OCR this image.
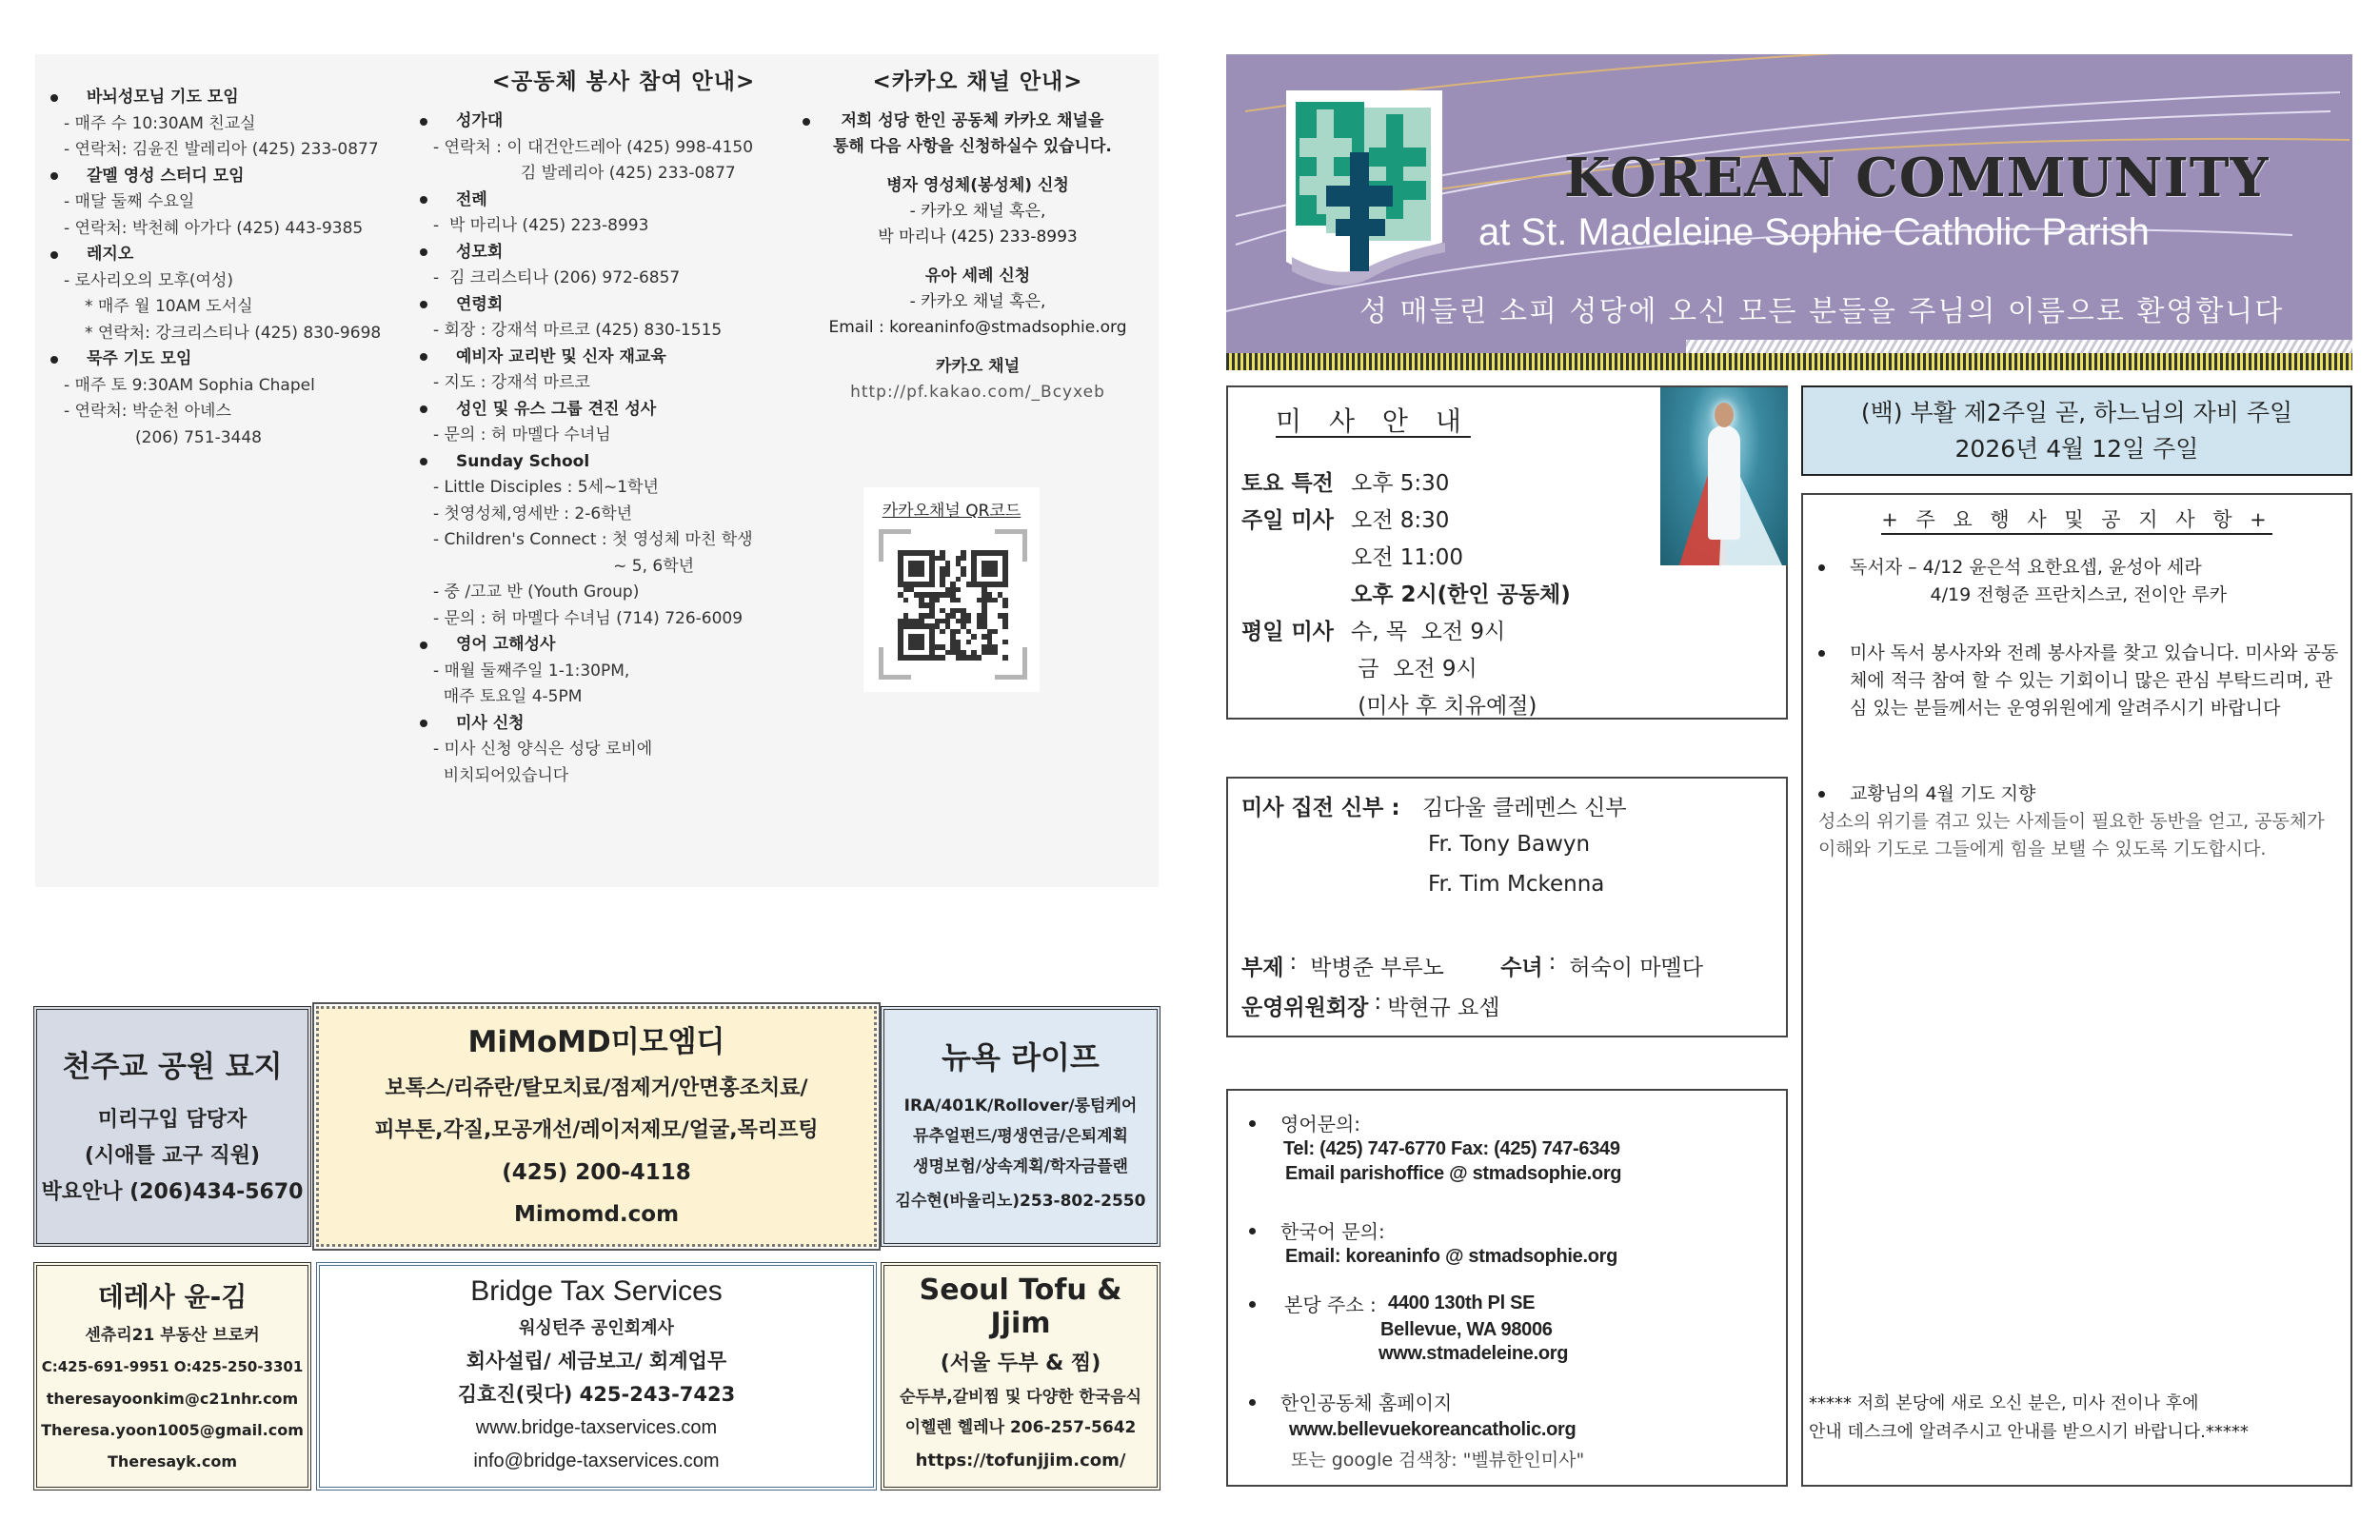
바뇌성모님 기도 모임
- 매주 수 10:30AM 친교실
- 연락처: 김윤진 발레리아 (425) 233-0877
갈멜 영성 스터디 모임
- 매달 둘째 수요일
- 연락처: 박천혜 아가다 (425) 443-9385
레지오
- 로사리오의 모후(여성)
* 매주 월 10AM 도서실
* 연락처: 강크리스티나 (425) 830-9698
묵주 기도 모임
- 매주 토 9:30AM Sophia Chapel
- 연락처: 박순천 아녜스
(206) 751-3448
<공동체 봉사 참여 안내>
성가대
- 연락처 : 이 대건안드레아 (425) 998-4150
김 발레리아 (425) 233-0877
전례
-  박 마리나 (425) 223-8993
성모회
-  김 크리스티나 (206) 972-6857
연령회
- 회장 : 강재석 마르코 (425) 830-1515
예비자 교리반 및 신자 재교육
- 지도 : 강재석 마르코
성인 및 유스 그룹 견진 성사
- 문의 : 허 마멜다 수녀님
Sunday School
- Little Disciples : 5세~1학년
- 첫영성체,영세반 : 2-6학년
- Children's Connect : 첫 영성체 마친 학생
~ 5, 6학년
- 중 /고교 반 (Youth Group)
- 문의 : 허 마멜다 수녀님 (714) 726-6009
영어 고해성사
- 매월 둘째주일 1-1:30PM,
매주 토요일 4-5PM
미사 신청
- 미사 신청 양식은 성당 로비에
비치되어있습니다
<카카오 채널 안내>
저희 성당 한인 공동체 카카오 채널을
통해 다음 사항을 신청하실수 있습니다.
병자 영성체(봉성체) 신청
- 카카오 채널 혹은,
박 마리나 (425) 233-8993
유아 세례 신청
- 카카오 채널 혹은,
Email : koreaninfo@stmadsophie.org
카카오 채널
http://pf.kakao.com/_Bcyxeb
카카오채널 QR코드
천주교 공원 묘지
미리구입 담당자
(시애틀 교구 직원)
박요안나 (206)434-5670
MiMoMD미모엠디
보톡스/리쥬란/탈모치료/점제거/안면홍조치료/
피부톤,각질,모공개선/레이저제모/얼굴,목리프팅
(425) 200-4118
Mimomd.com
뉴욕 라이프
IRA/401K/Rollover/롱텀케어
뮤추얼펀드/평생연금/은퇴계획
생명보험/상속계획/학자금플랜
김수현(바울리노)253-802-2550
데레사 윤-김
센츄리21 부동산 브로커
C:425-691-9951 O:425-250-3301
theresayoonkim@c21nhr.com
Theresa.yoon1005@gmail.com
Theresayk.com
Bridge Tax Services
워싱턴주 공인회계사
회사설립/ 세금보고/ 회계업무
김효진(릿다) 425-243-7423
www.bridge-taxservices.com
info@bridge-taxservices.com
Seoul Tofu & Jjim
(서울 두부 & 찜)
순두부,갈비찜 및 다양한 한국음식
이헬렌 헬레나 206-257-5642
https://tofunjjim.com/
KOREAN COMMUNITY
at St. Madeleine Sophie Catholic Parish
성 매들린 소피 성당에 오신 모든 분들을 주님의 이름으로 환영합니다
미 사 안 내
토요 특전 오후 5:30
주일 미사 오전 8:30
오전 11:00
오후 2시(한인 공동체)
평일 미사 수, 목  오전 9시
금  오전 9시
(미사 후 치유예절)
(백) 부활 제2주일 곧, 하느님의 자비 주일
2026년 4월 12일 주일
+ 주 요 행 사 및 공 지 사 항 +
독서자 – 4/12 윤은석 요한요셉, 윤성아 세라
4/19 전형준 프란치스코, 전이안 루카
미사 독서 봉사자와 전례 봉사자를 찾고 있습니다. 미사와 공동체에 적극 참여 할 수 있는 기회이니 많은 관심 부탁드리며, 관심 있는 분들께서는 운영위원에게 알려주시기 바랍니다
교황님의 4월 기도 지향
성소의 위기를 겪고 있는 사제들이 필요한 동반을 얻고, 공동체가 이해와 기도로 그들에게 힘을 보탤 수 있도록 기도합시다.
***** 저희 본당에 새로 오신 분은, 미사 전이나 후에
안내 데스크에 알려주시고 안내를 받으시기 바랍니다.*****
미사 집전 신부 :	김다울 클레멘스 신부
Fr. Tony Bawyn
Fr. Tim Mckenna
부제 : 박병준 부루노	수녀 : 허숙이 마멜다
운영위원회장 : 박현규 요셉
영어문의:
Tel: (425) 747-6770 Fax: (425) 747-6349
Email parishoffice @ stmadsophie.org
한국어 문의:
Email: koreaninfo @ stmadsophie.org
본당 주소 : 4400 130th Pl SE
Bellevue, WA 98006
www.stmadeleine.org
한인공동체 홈페이지
www.bellevuekoreancatholic.org
또는 google 검색창: "벨뷰한인미사"
